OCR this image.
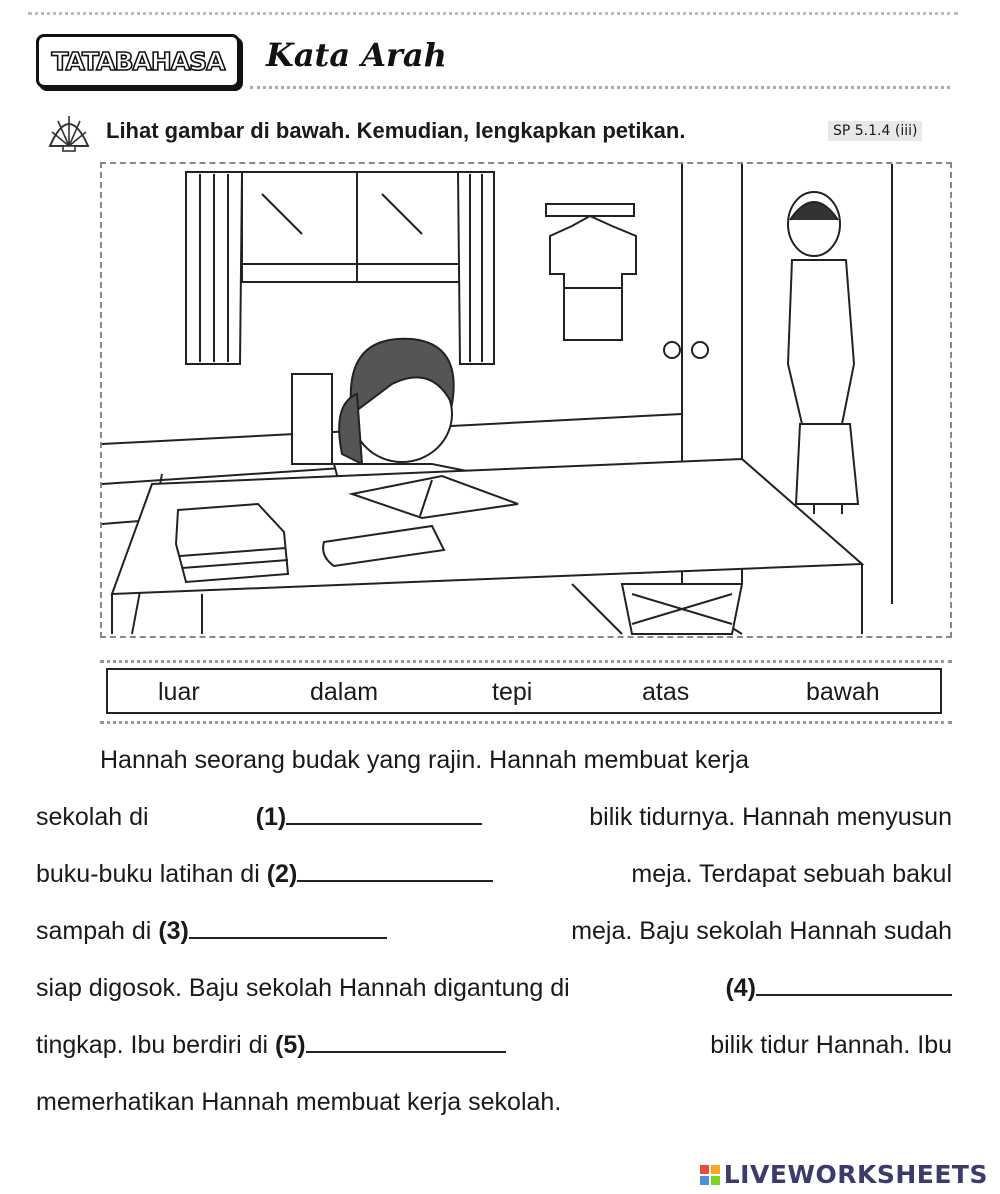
TATABAHASA	Kata Arah
Lihat gambar di bawah. Kemudian, lengkapkan petikan.	SP 5.1.4 (iii)
luar	dalam	tepi	atas	bawah
Hannah seorang budak yang rajin. Hannah membuat kerja
sekolah di	(1)	bilik tidurnya. Hannah menyusun
buku-buku latihan di (2)	meja. Terdapat sebuah bakul
sampah di (3)	meja. Baju sekolah Hannah sudah
siap digosok. Baju sekolah Hannah digantung di	(4)
tingkap. Ibu berdiri di (5)	bilik tidur Hannah. Ibu
memerhatikan Hannah membuat kerja sekolah.
LIVEWORKSHEETS
